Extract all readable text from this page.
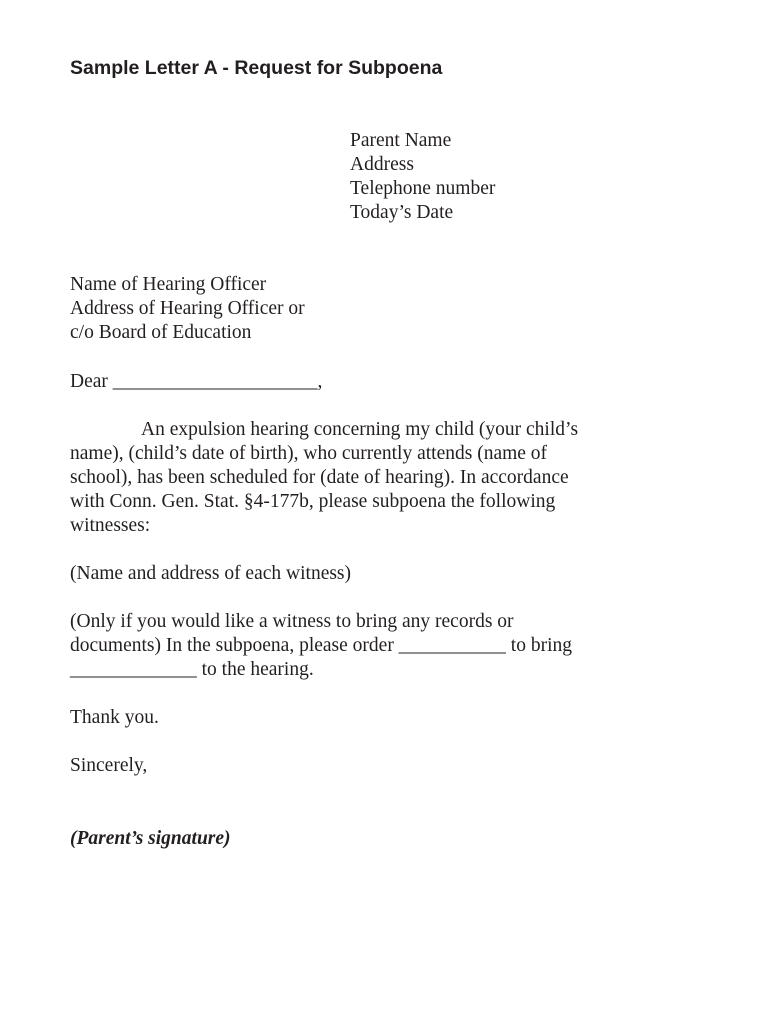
Sample Letter A - Request for Subpoena
Parent Name
Address
Telephone number
Today’s Date
Name of Hearing Officer
Address of Hearing Officer or
c/o Board of Education
Dear _____________________,
An expulsion hearing concerning my child (your child’s
name), (child’s date of birth), who currently attends (name of
school), has been scheduled for (date of hearing). In accordance
with Conn. Gen. Stat. §4-177b, please subpoena the following
witnesses:
(Name and address of each witness)
(Only if you would like a witness to bring any records or
documents) In the subpoena, please order ___________ to bring
_____________ to the hearing.
Thank you.
Sincerely,
(Parent’s signature)
